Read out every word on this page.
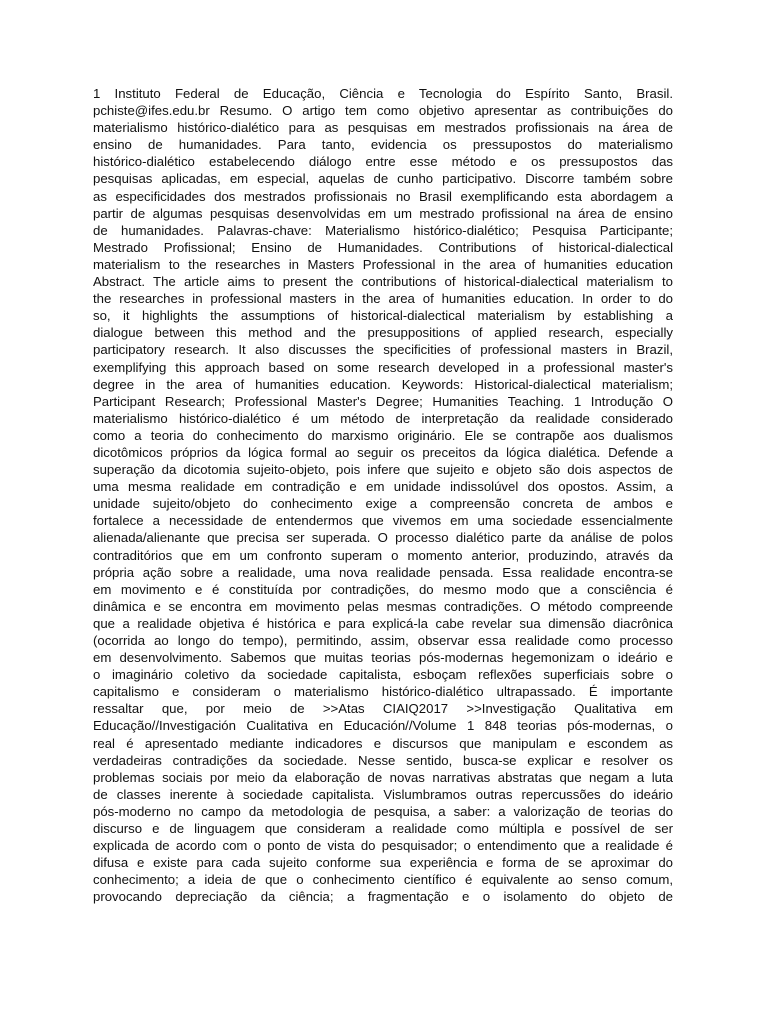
1 Instituto Federal de Educação, Ciência e Tecnologia do Espírito Santo, Brasil.
pchiste@ifes.edu.br Resumo. O artigo tem como objetivo apresentar as contribuições do
materialismo histórico-dialético para as pesquisas em mestrados profissionais na área de
ensino de humanidades. Para tanto, evidencia os pressupostos do materialismo
histórico-dialético estabelecendo diálogo entre esse método e os pressupostos das
pesquisas aplicadas, em especial, aquelas de cunho participativo. Discorre também sobre
as especificidades dos mestrados profissionais no Brasil exemplificando esta abordagem a
partir de algumas pesquisas desenvolvidas em um mestrado profissional na área de ensino
de humanidades. Palavras-chave: Materialismo histórico-dialético; Pesquisa Participante;
Mestrado Profissional; Ensino de Humanidades. Contributions of historical-dialectical
materialism to the researches in Masters Professional in the area of humanities education
Abstract. The article aims to present the contributions of historical-dialectical materialism to
the researches in professional masters in the area of humanities education. In order to do
so, it highlights the assumptions of historical-dialectical materialism by establishing a
dialogue between this method and the presuppositions of applied research, especially
participatory research. It also discusses the specificities of professional masters in Brazil,
exemplifying this approach based on some research developed in a professional master's
degree in the area of humanities education. Keywords: Historical-dialectical materialism;
Participant Research; Professional Master's Degree; Humanities Teaching. 1 Introdução O
materialismo histórico-dialético é um método de interpretação da realidade considerado
como a teoria do conhecimento do marxismo originário. Ele se contrapõe aos dualismos
dicotômicos próprios da lógica formal ao seguir os preceitos da lógica dialética. Defende a
superação da dicotomia sujeito-objeto, pois infere que sujeito e objeto são dois aspectos de
uma mesma realidade em contradição e em unidade indissolúvel dos opostos. Assim, a
unidade sujeito/objeto do conhecimento exige a compreensão concreta de ambos e
fortalece a necessidade de entendermos que vivemos em uma sociedade essencialmente
alienada/alienante que precisa ser superada. O processo dialético parte da análise de polos
contraditórios que em um confronto superam o momento anterior, produzindo, através da
própria ação sobre a realidade, uma nova realidade pensada. Essa realidade encontra-se
em movimento e é constituída por contradições, do mesmo modo que a consciência é
dinâmica e se encontra em movimento pelas mesmas contradições. O método compreende
que a realidade objetiva é histórica e para explicá-la cabe revelar sua dimensão diacrônica
(ocorrida ao longo do tempo), permitindo, assim, observar essa realidade como processo
em desenvolvimento. Sabemos que muitas teorias pós-modernas hegemonizam o ideário e
o imaginário coletivo da sociedade capitalista, esboçam reflexões superficiais sobre o
capitalismo e consideram o materialismo histórico-dialético ultrapassado. É importante
ressaltar que, por meio de >>Atas CIAIQ2017 >>Investigação Qualitativa em
Educação//Investigación Cualitativa en Educación//Volume 1 848 teorias pós-modernas, o
real é apresentado mediante indicadores e discursos que manipulam e escondem as
verdadeiras contradições da sociedade. Nesse sentido, busca-se explicar e resolver os
problemas sociais por meio da elaboração de novas narrativas abstratas que negam a luta
de classes inerente à sociedade capitalista. Vislumbramos outras repercussões do ideário
pós-moderno no campo da metodologia de pesquisa, a saber: a valorização de teorias do
discurso e de linguagem que consideram a realidade como múltipla e possível de ser
explicada de acordo com o ponto de vista do pesquisador; o entendimento que a realidade é
difusa e existe para cada sujeito conforme sua experiência e forma de se aproximar do
conhecimento; a ideia de que o conhecimento científico é equivalente ao senso comum,
provocando depreciação da ciência; a fragmentação e o isolamento do objeto de
